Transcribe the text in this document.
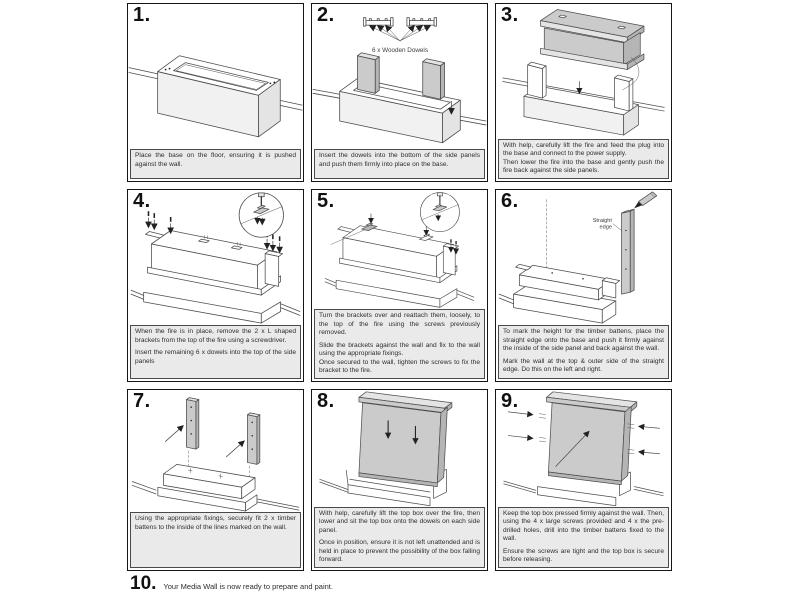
1.

Place the base on the floor, ensuring it is pushed against the wall.

2.
6 x Wooden Dowels

Insert the dowels into the bottom of the side panels and push them firmly into place on the base.

3.

With help, carefully lift the fire and feed the plug into the base and connect to the power supply.

Then lower the fire into the base and gently push the fire back against the side panels.

4.

When the fire is in place, remove the 2 x L shaped brackets from the top of the fire using a screwdriver.

Insert the remaining 6 x dowels into the top of the side panels

5.

Turn the brackets over and reattach them, loosely, to the top of the fire using the screws previously removed.

Slide the brackets against the wall and fix to the wall using the appropriate fixings.

Once secured to the wall, tighten the screws to fix the bracket to the fire.

6.
Straight
edge

To mark the height for the timber battens, place the straight edge onto the base and push it firmly against the inside of the side panel and back against the wall.

Mark the wall at the top & outer side of the straight edge. Do this on the left and right.

7.

Using the appropriate fixings, securely fit 2 x timber battens to the inside of the lines marked on the wall.

8.

With help, carefully lift the top box over the fire, then lower and sit the top box onto the dowels on each side panel.

Once in position, ensure it is not left unattended and is held in place to prevent the possibility of the box falling forward.

9.

Keep the top box pressed firmly against the wall. Then, using the 4 x large screws provided and 4 x the pre-drilled holes, drill into the timber battens fixed to the wall.

Ensure the screws are tight and the top box is secure before releasing.

10. Your Media Wall is now ready to prepare and paint.
